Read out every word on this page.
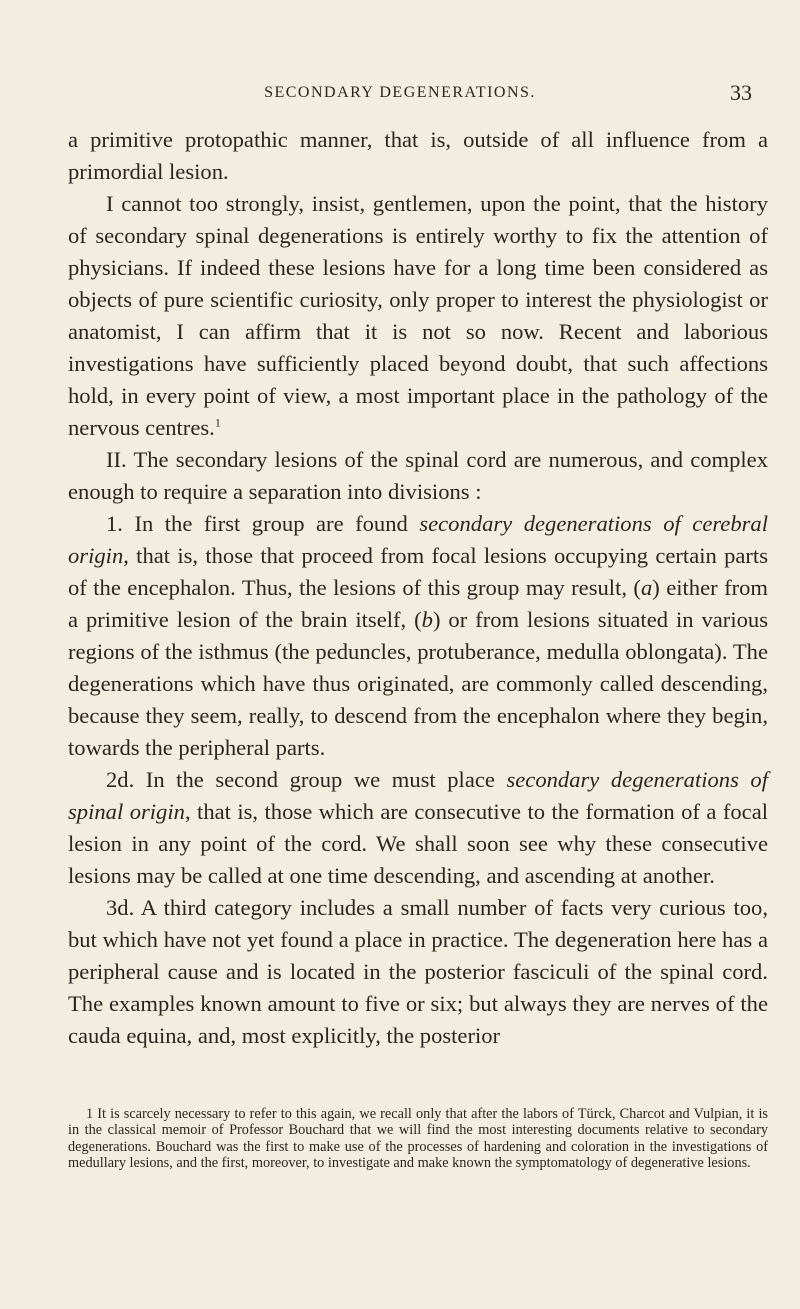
SECONDARY DEGENERATIONS.	33

a primitive protopathic manner, that is, outside of all influence from a primordial lesion.

I cannot too strongly, insist, gentlemen, upon the point, that the history of secondary spinal degenerations is entirely worthy to fix the attention of physicians. If indeed these lesions have for a long time been considered as objects of pure scientific curiosity, only proper to interest the physiologist or anatomist, I can affirm that it is not so now. Recent and laborious investigations have sufficiently placed beyond doubt, that such affections hold, in every point of view, a most important place in the pathology of the nervous centres.$^1$

II. The secondary lesions of the spinal cord are numerous, and complex enough to require a separation into divisions :

1. In the first group are found secondary degenerations of cerebral origin, that is, those that proceed from focal lesions occupying certain parts of the encephalon. Thus, the lesions of this group may result, (a) either from a primitive lesion of the brain itself, (b) or from lesions situated in various regions of the isthmus (the peduncles, protuberance, medulla oblongata). The degenerations which have thus originated, are commonly called descending, because they seem, really, to descend from the encephalon where they begin, towards the peripheral parts.

2d. In the second group we must place secondary degenerations of spinal origin, that is, those which are consecutive to the formation of a focal lesion in any point of the cord. We shall soon see why these consecutive lesions may be called at one time descending, and ascending at another.

3d. A third category includes a small number of facts very curious too, but which have not yet found a place in practice. The degeneration here has a peripheral cause and is located in the posterior fasciculi of the spinal cord. The examples known amount to five or six; but always they are nerves of the cauda equina, and, most explicitly, the posterior

1 It is scarcely necessary to refer to this again, we recall only that after the labors of Türck, Charcot and Vulpian, it is in the classical memoir of Professor Bouchard that we will find the most interesting documents relative to secondary degenerations. Bouchard was the first to make use of the processes of hardening and coloration in the investigations of medullary lesions, and the first, moreover, to investigate and make known the symptomatology of degenerative lesions.
